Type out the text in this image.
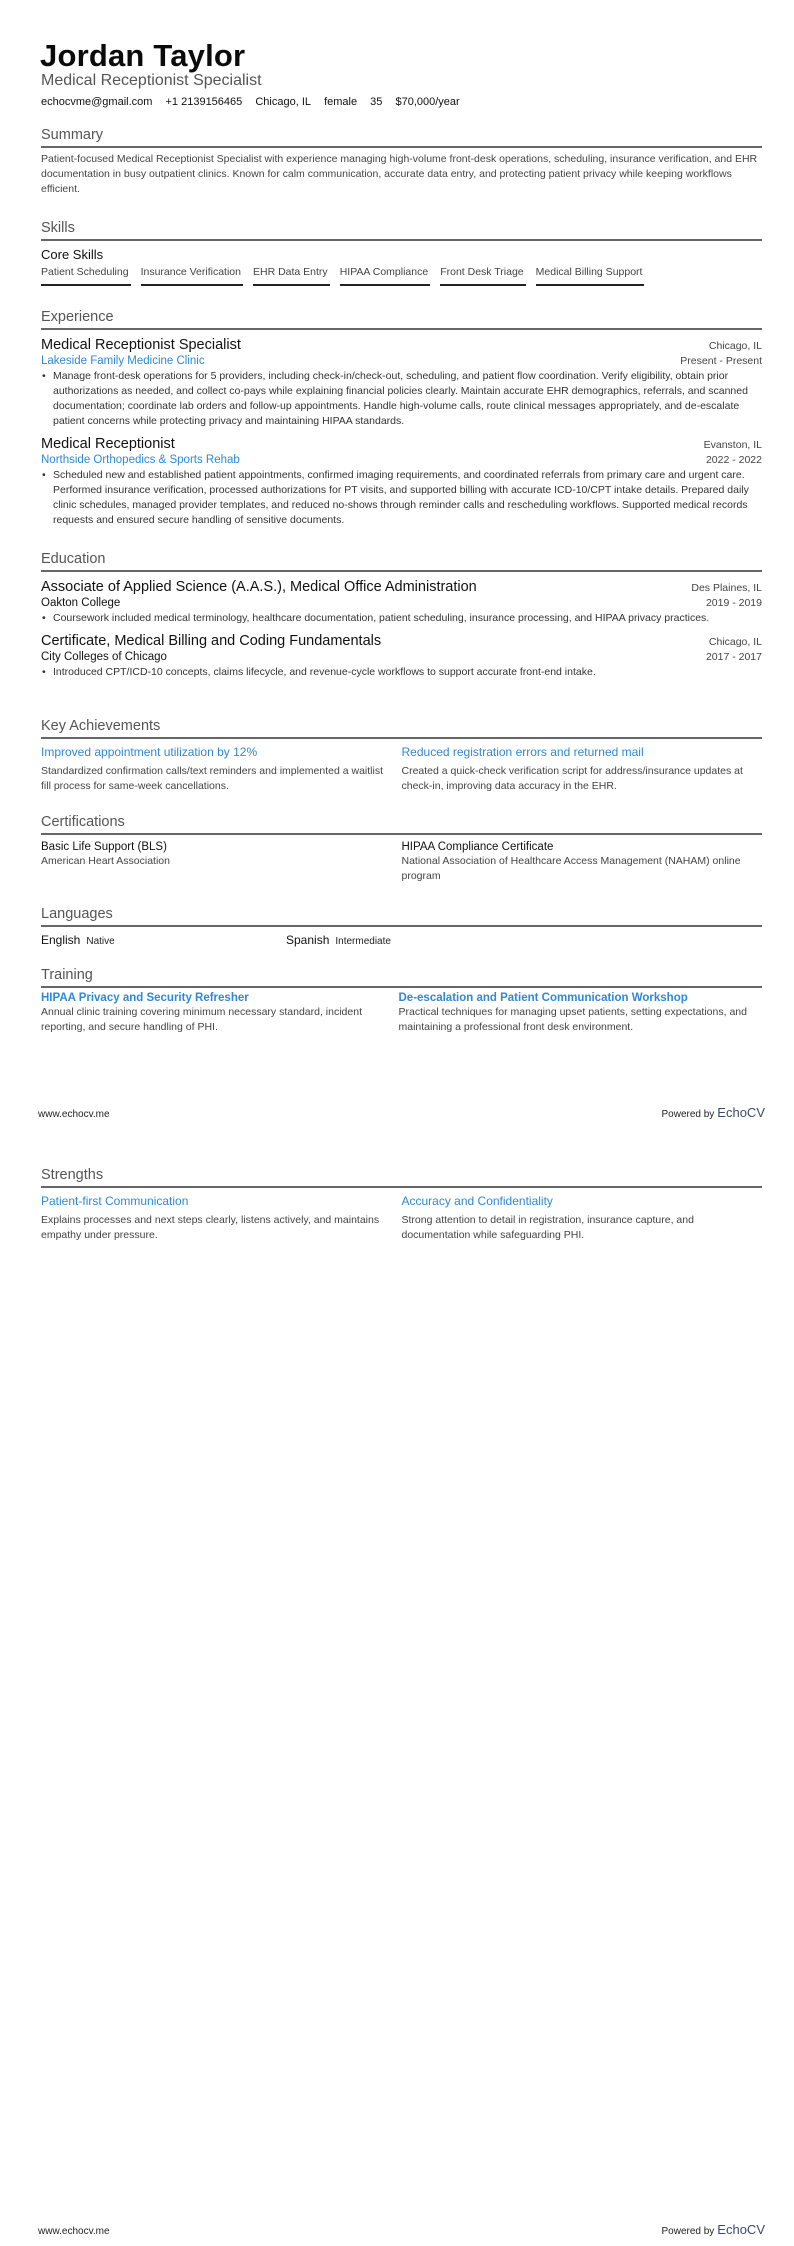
Jordan Taylor
Medical Receptionist Specialist
echocvme@gmail.com +1 2139156465 Chicago, IL female 35 $70,000/year
Summary
Patient-focused Medical Receptionist Specialist with experience managing high-volume front-desk operations, scheduling, insurance verification, and EHR documentation in busy outpatient clinics. Known for calm communication, accurate data entry, and protecting patient privacy while keeping workflows efficient.
Skills
Core Skills
Patient Scheduling Insurance Verification EHR Data Entry HIPAA Compliance Front Desk Triage Medical Billing Support
Experience
Medical Receptionist Specialist	Chicago, IL
Lakeside Family Medicine Clinic	Present - Present
• Manage front-desk operations for 5 providers, including check-in/check-out, scheduling, and patient flow coordination. Verify eligibility, obtain prior authorizations as needed, and collect co-pays while explaining financial policies clearly. Maintain accurate EHR demographics, referrals, and scanned documentation; coordinate lab orders and follow-up appointments. Handle high-volume calls, route clinical messages appropriately, and de-escalate patient concerns while protecting privacy and maintaining HIPAA standards.
Medical Receptionist	Evanston, IL
Northside Orthopedics & Sports Rehab	2022 - 2022
• Scheduled new and established patient appointments, confirmed imaging requirements, and coordinated referrals from primary care and urgent care. Performed insurance verification, processed authorizations for PT visits, and supported billing with accurate ICD-10/CPT intake details. Prepared daily clinic schedules, managed provider templates, and reduced no-shows through reminder calls and rescheduling workflows. Supported medical records requests and ensured secure handling of sensitive documents.
Education
Associate of Applied Science (A.A.S.), Medical Office Administration	Des Plaines, IL
Oakton College	2019 - 2019
• Coursework included medical terminology, healthcare documentation, patient scheduling, insurance processing, and HIPAA privacy practices.
Certificate, Medical Billing and Coding Fundamentals	Chicago, IL
City Colleges of Chicago	2017 - 2017
• Introduced CPT/ICD-10 concepts, claims lifecycle, and revenue-cycle workflows to support accurate front-end intake.
Key Achievements
Improved appointment utilization by 12%
Standardized confirmation calls/text reminders and implemented a waitlist fill process for same-week cancellations.
Reduced registration errors and returned mail
Created a quick-check verification script for address/insurance updates at check-in, improving data accuracy in the EHR.
Certifications
Basic Life Support (BLS)
American Heart Association
HIPAA Compliance Certificate
National Association of Healthcare Access Management (NAHAM) online program
Languages
English Native	Spanish Intermediate
Training
HIPAA Privacy and Security Refresher
Annual clinic training covering minimum necessary standard, incident reporting, and secure handling of PHI.
De-escalation and Patient Communication Workshop
Practical techniques for managing upset patients, setting expectations, and maintaining a professional front desk environment.
www.echocv.me	Powered by EchoCV
Strengths
Patient-first Communication
Explains processes and next steps clearly, listens actively, and maintains empathy under pressure.
Accuracy and Confidentiality
Strong attention to detail in registration, insurance capture, and documentation while safeguarding PHI.
www.echocv.me	Powered by EchoCV
